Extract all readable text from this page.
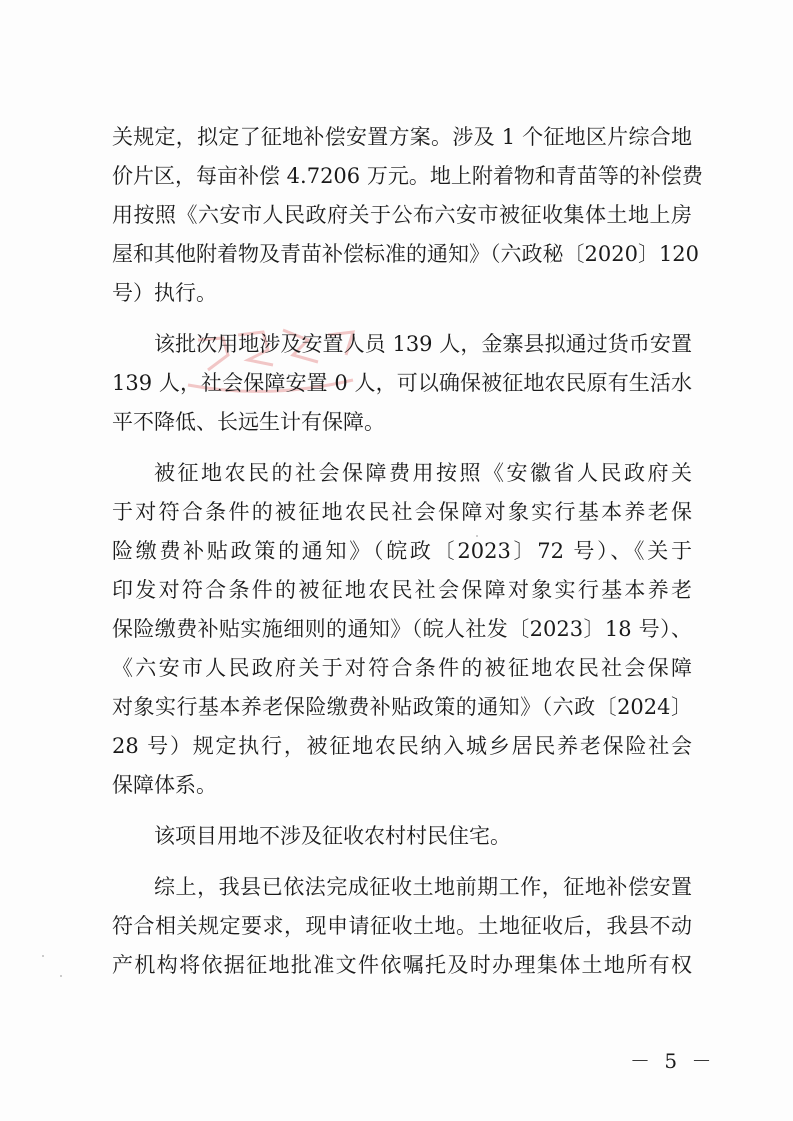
关规定，拟定了征地补偿安置方案。涉及 1 个征地区片综合地
价片区，每亩补偿 4.7206 万元。地上附着物和青苗等的补偿费
用按照《六安市人民政府关于公布六安市被征收集体土地上房
屋和其他附着物及青苗补偿标准的通知》（六政秘〔2020〕120
号）执行。
该批次用地涉及安置人员 139 人，金寨县拟通过货币安置
139 人，社会保障安置 0 人，可以确保被征地农民原有生活水
平不降低、长远生计有保障。
被征地农民的社会保障费用按照《安徽省人民政府关
于对符合条件的被征地农民社会保障对象实行基本养老保
险缴费补贴政策的通知》（皖政〔2023〕72 号）、《关于
印发对符合条件的被征地农民社会保障对象实行基本养老
保险缴费补贴实施细则的通知》（皖人社发〔2023〕18 号）、
《六安市人民政府关于对符合条件的被征地农民社会保障
对象实行基本养老保险缴费补贴政策的通知》（六政〔2024〕
28 号）规定执行，被征地农民纳入城乡居民养老保险社会
保障体系。
该项目用地不涉及征收农村村民住宅。
综上，我县已依法完成征收土地前期工作，征地补偿安置
符合相关规定要求，现申请征收土地。土地征收后，我县不动
产机构将依据征地批准文件依嘱托及时办理集体土地所有权
－ 5 －
